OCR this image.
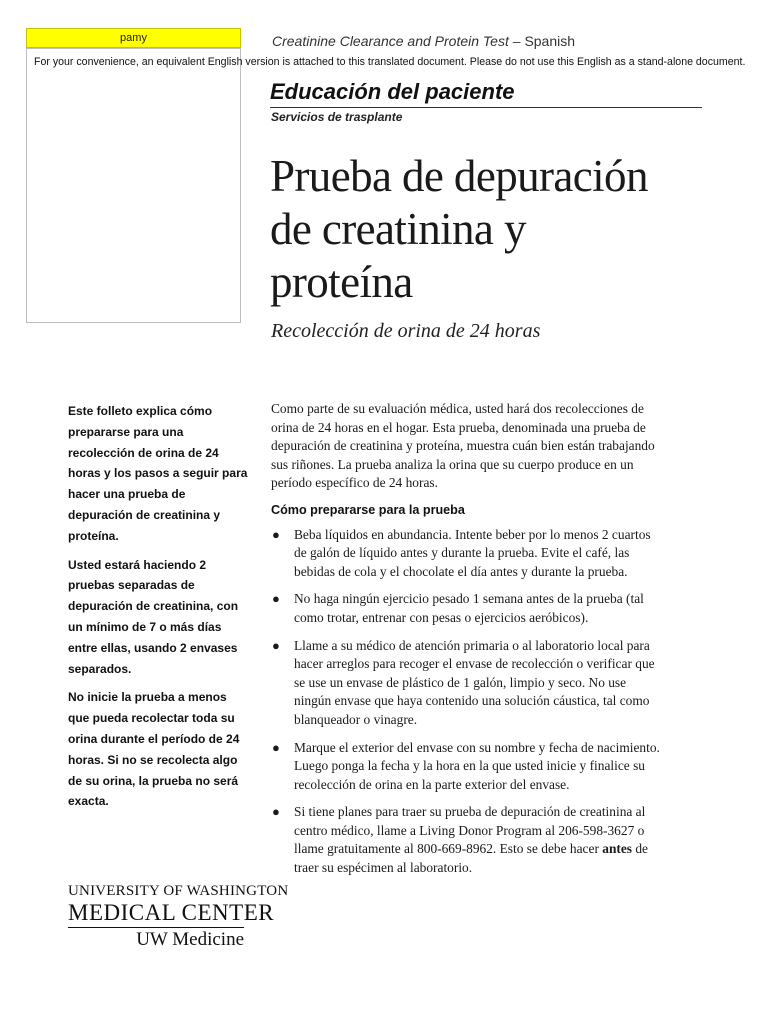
pamy	Creatinine Clearance and Protein Test – Spanish
For your convenience, an equivalent English version is attached to this translated document. Please do not use this English as a stand-alone document.
Educación del paciente
Servicios de trasplante
Prueba de depuración
de creatinina y
proteína
Recolección de orina de 24 horas

Este folleto explica cómo prepararse para una recolección de orina de 24 horas y los pasos a seguir para hacer una prueba de depuración de creatinina y proteína.

Usted estará haciendo 2 pruebas separadas de depuración de creatinina, con un mínimo de 7 o más días entre ellas, usando 2 envases separados.

No inicie la prueba a menos que pueda recolectar toda su orina durante el período de 24 horas. Si no se recolecta algo de su orina, la prueba no será exacta.

Como parte de su evaluación médica, usted hará dos recolecciones de orina de 24 horas en el hogar. Esta prueba, denominada una prueba de depuración de creatinina y proteína, muestra cuán bien están trabajando sus riñones. La prueba analiza la orina que su cuerpo produce en un período específico de 24 horas.

Cómo prepararse para la prueba
● Beba líquidos en abundancia. Intente beber por lo menos 2 cuartos de galón de líquido antes y durante la prueba. Evite el café, las bebidas de cola y el chocolate el día antes y durante la prueba.
● No haga ningún ejercicio pesado 1 semana antes de la prueba (tal como trotar, entrenar con pesas o ejercicios aeróbicos).
● Llame a su médico de atención primaria o al laboratorio local para hacer arreglos para recoger el envase de recolección o verificar que se use un envase de plástico de 1 galón, limpio y seco. No use ningún envase que haya contenido una solución cáustica, tal como blanqueador o vinagre.
● Marque el exterior del envase con su nombre y fecha de nacimiento. Luego ponga la fecha y la hora en la que usted inicie y finalice su recolección de orina en la parte exterior del envase.
● Si tiene planes para traer su prueba de depuración de creatinina al centro médico, llame a Living Donor Program al 206-598-3627 o llame gratuitamente al 800-669-8962. Esto se debe hacer antes de traer su espécimen al laboratorio.
UNIVERSITY OF WASHINGTON
MEDICAL CENTER
UW Medicine
